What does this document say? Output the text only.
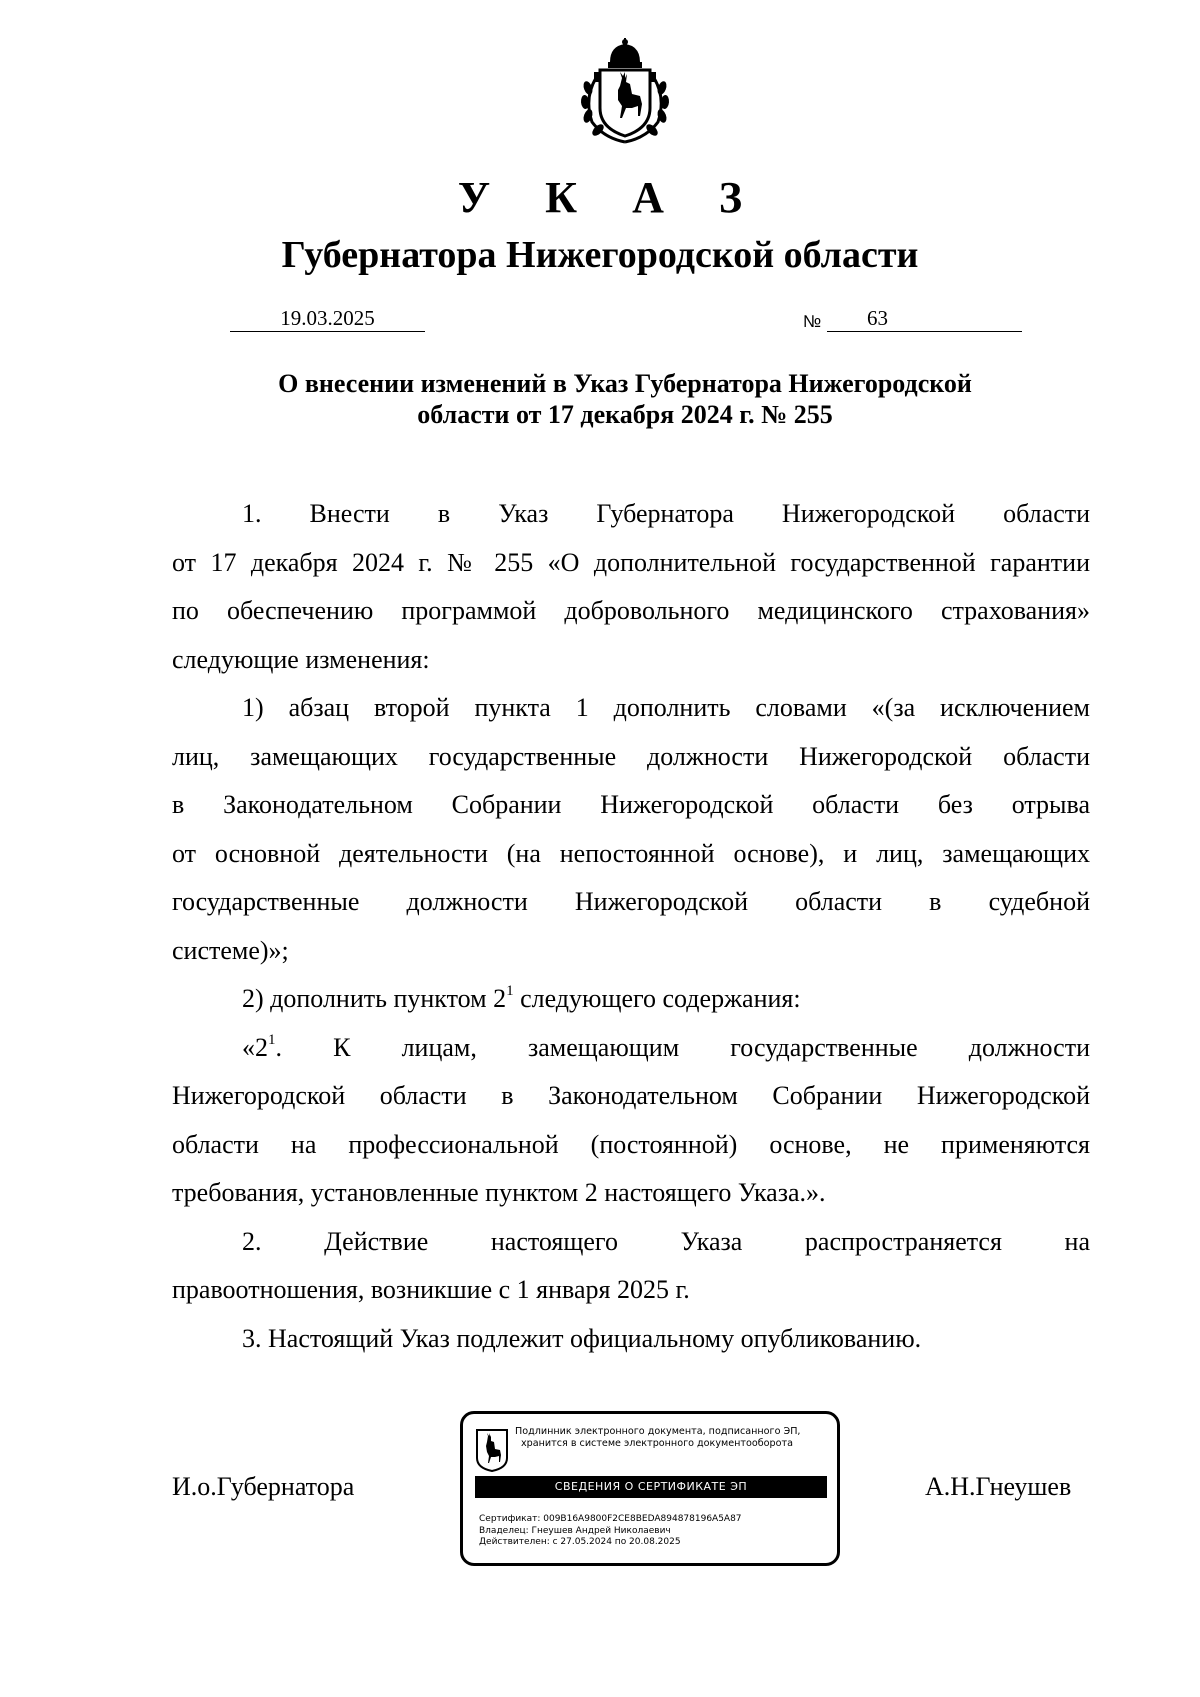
У К А З
Губернатора Нижегородской области
19.03.2025	№ 63
О внесении изменений в Указ Губернатора Нижегородской
области от 17 декабря 2024 г. № 255
1. Внести в Указ Губернатора Нижегородской области
от 17 декабря 2024 г. № 255 «О дополнительной государственной гарантии
по обеспечению программой добровольного медицинского страхования»
следующие изменения:
1) абзац второй пункта 1 дополнить словами «(за исключением
лиц, замещающих государственные должности Нижегородской области
в Законодательном Собрании Нижегородской области без отрыва
от основной деятельности (на непостоянной основе), и лиц, замещающих
государственные должности Нижегородской области в судебной
системе)»;
2) дополнить пунктом $2^1$ следующего содержания:
«$2^1$. К лицам, замещающим государственные должности
Нижегородской области в Законодательном Собрании Нижегородской
области на профессиональной (постоянной) основе, не применяются
требования, установленные пунктом 2 настоящего Указа.».
2. Действие настоящего Указа распространяется на
правоотношения, возникшие с 1 января 2025 г.
3. Настоящий Указ подлежит официальному опубликованию.
И.о.Губернатора	А.Н.Гнеушев
Подлинник электронного документа, подписанного ЭП,
хранится в системе электронного документооборота
СВЕДЕНИЯ О СЕРТИФИКАТЕ ЭП
Сертификат: 009B16A9800F2CE8BEDA894878196A5A87
Владелец: Гнеушев Андрей Николаевич
Действителен: с 27.05.2024 по 20.08.2025
